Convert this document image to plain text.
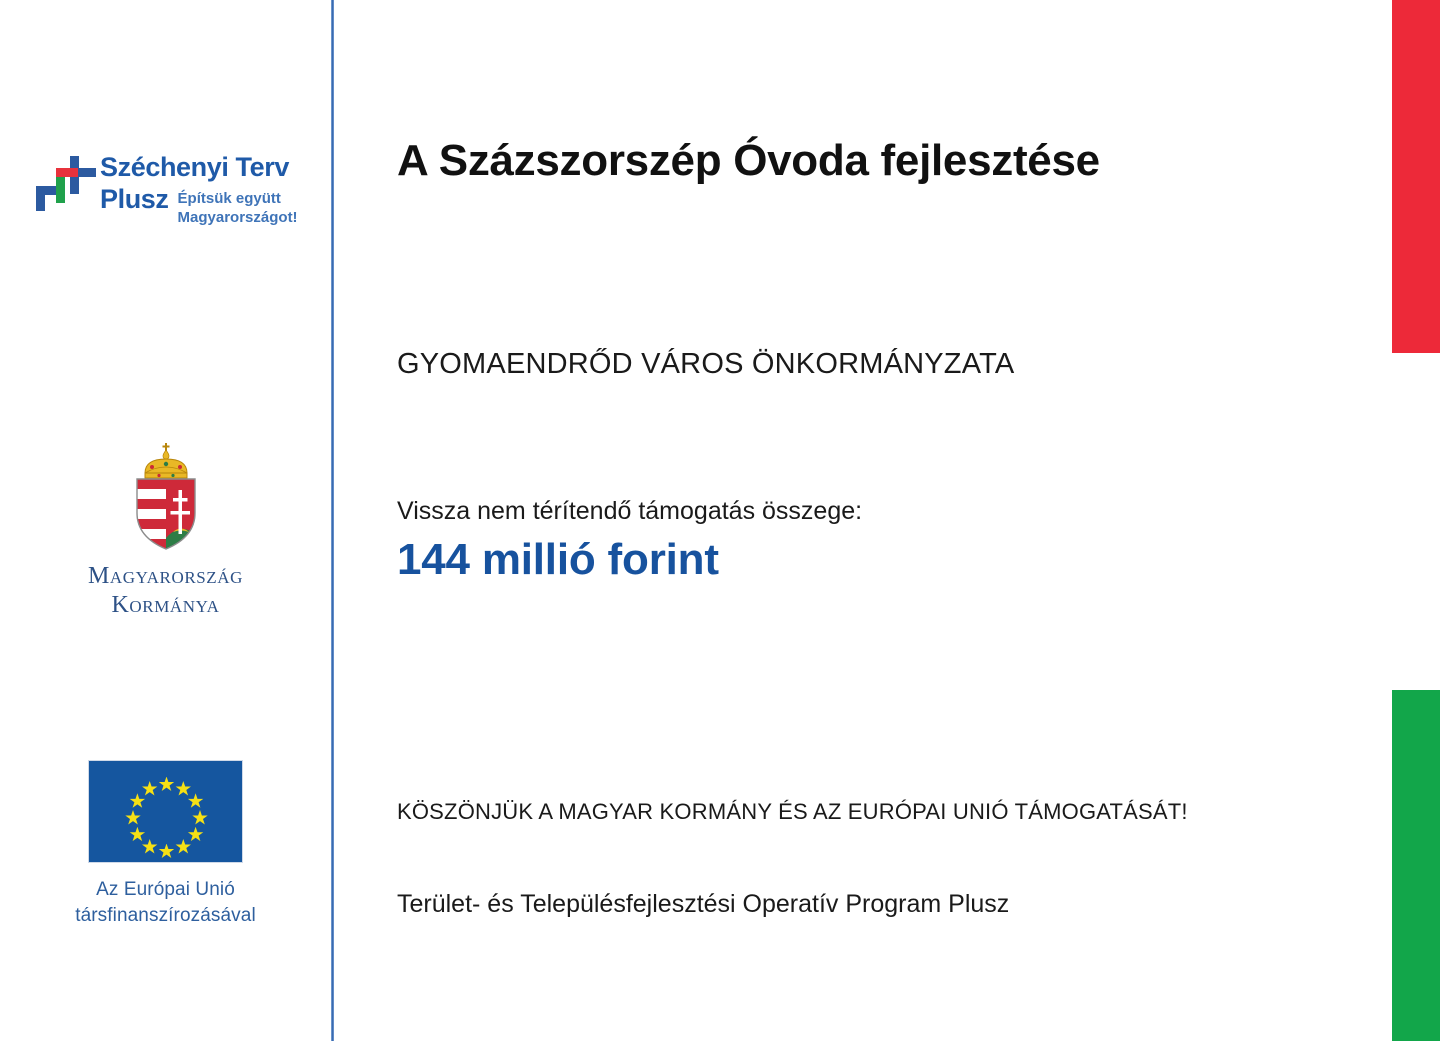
Széchenyi Terv
Plusz Építsük együtt
Magyarországot!
Magyarország
Kormánya
Az Európai Unió
társfinanszírozásával
A Százszorszép Óvoda fejlesztése
GYOMAENDRŐD VÁROS ÖNKORMÁNYZATA
Vissza nem térítendő támogatás összege:
144 millió forint
KÖSZÖNJÜK A MAGYAR KORMÁNY ÉS AZ EURÓPAI UNIÓ TÁMOGATÁSÁT!
Terület- és Településfejlesztési Operatív Program Plusz
